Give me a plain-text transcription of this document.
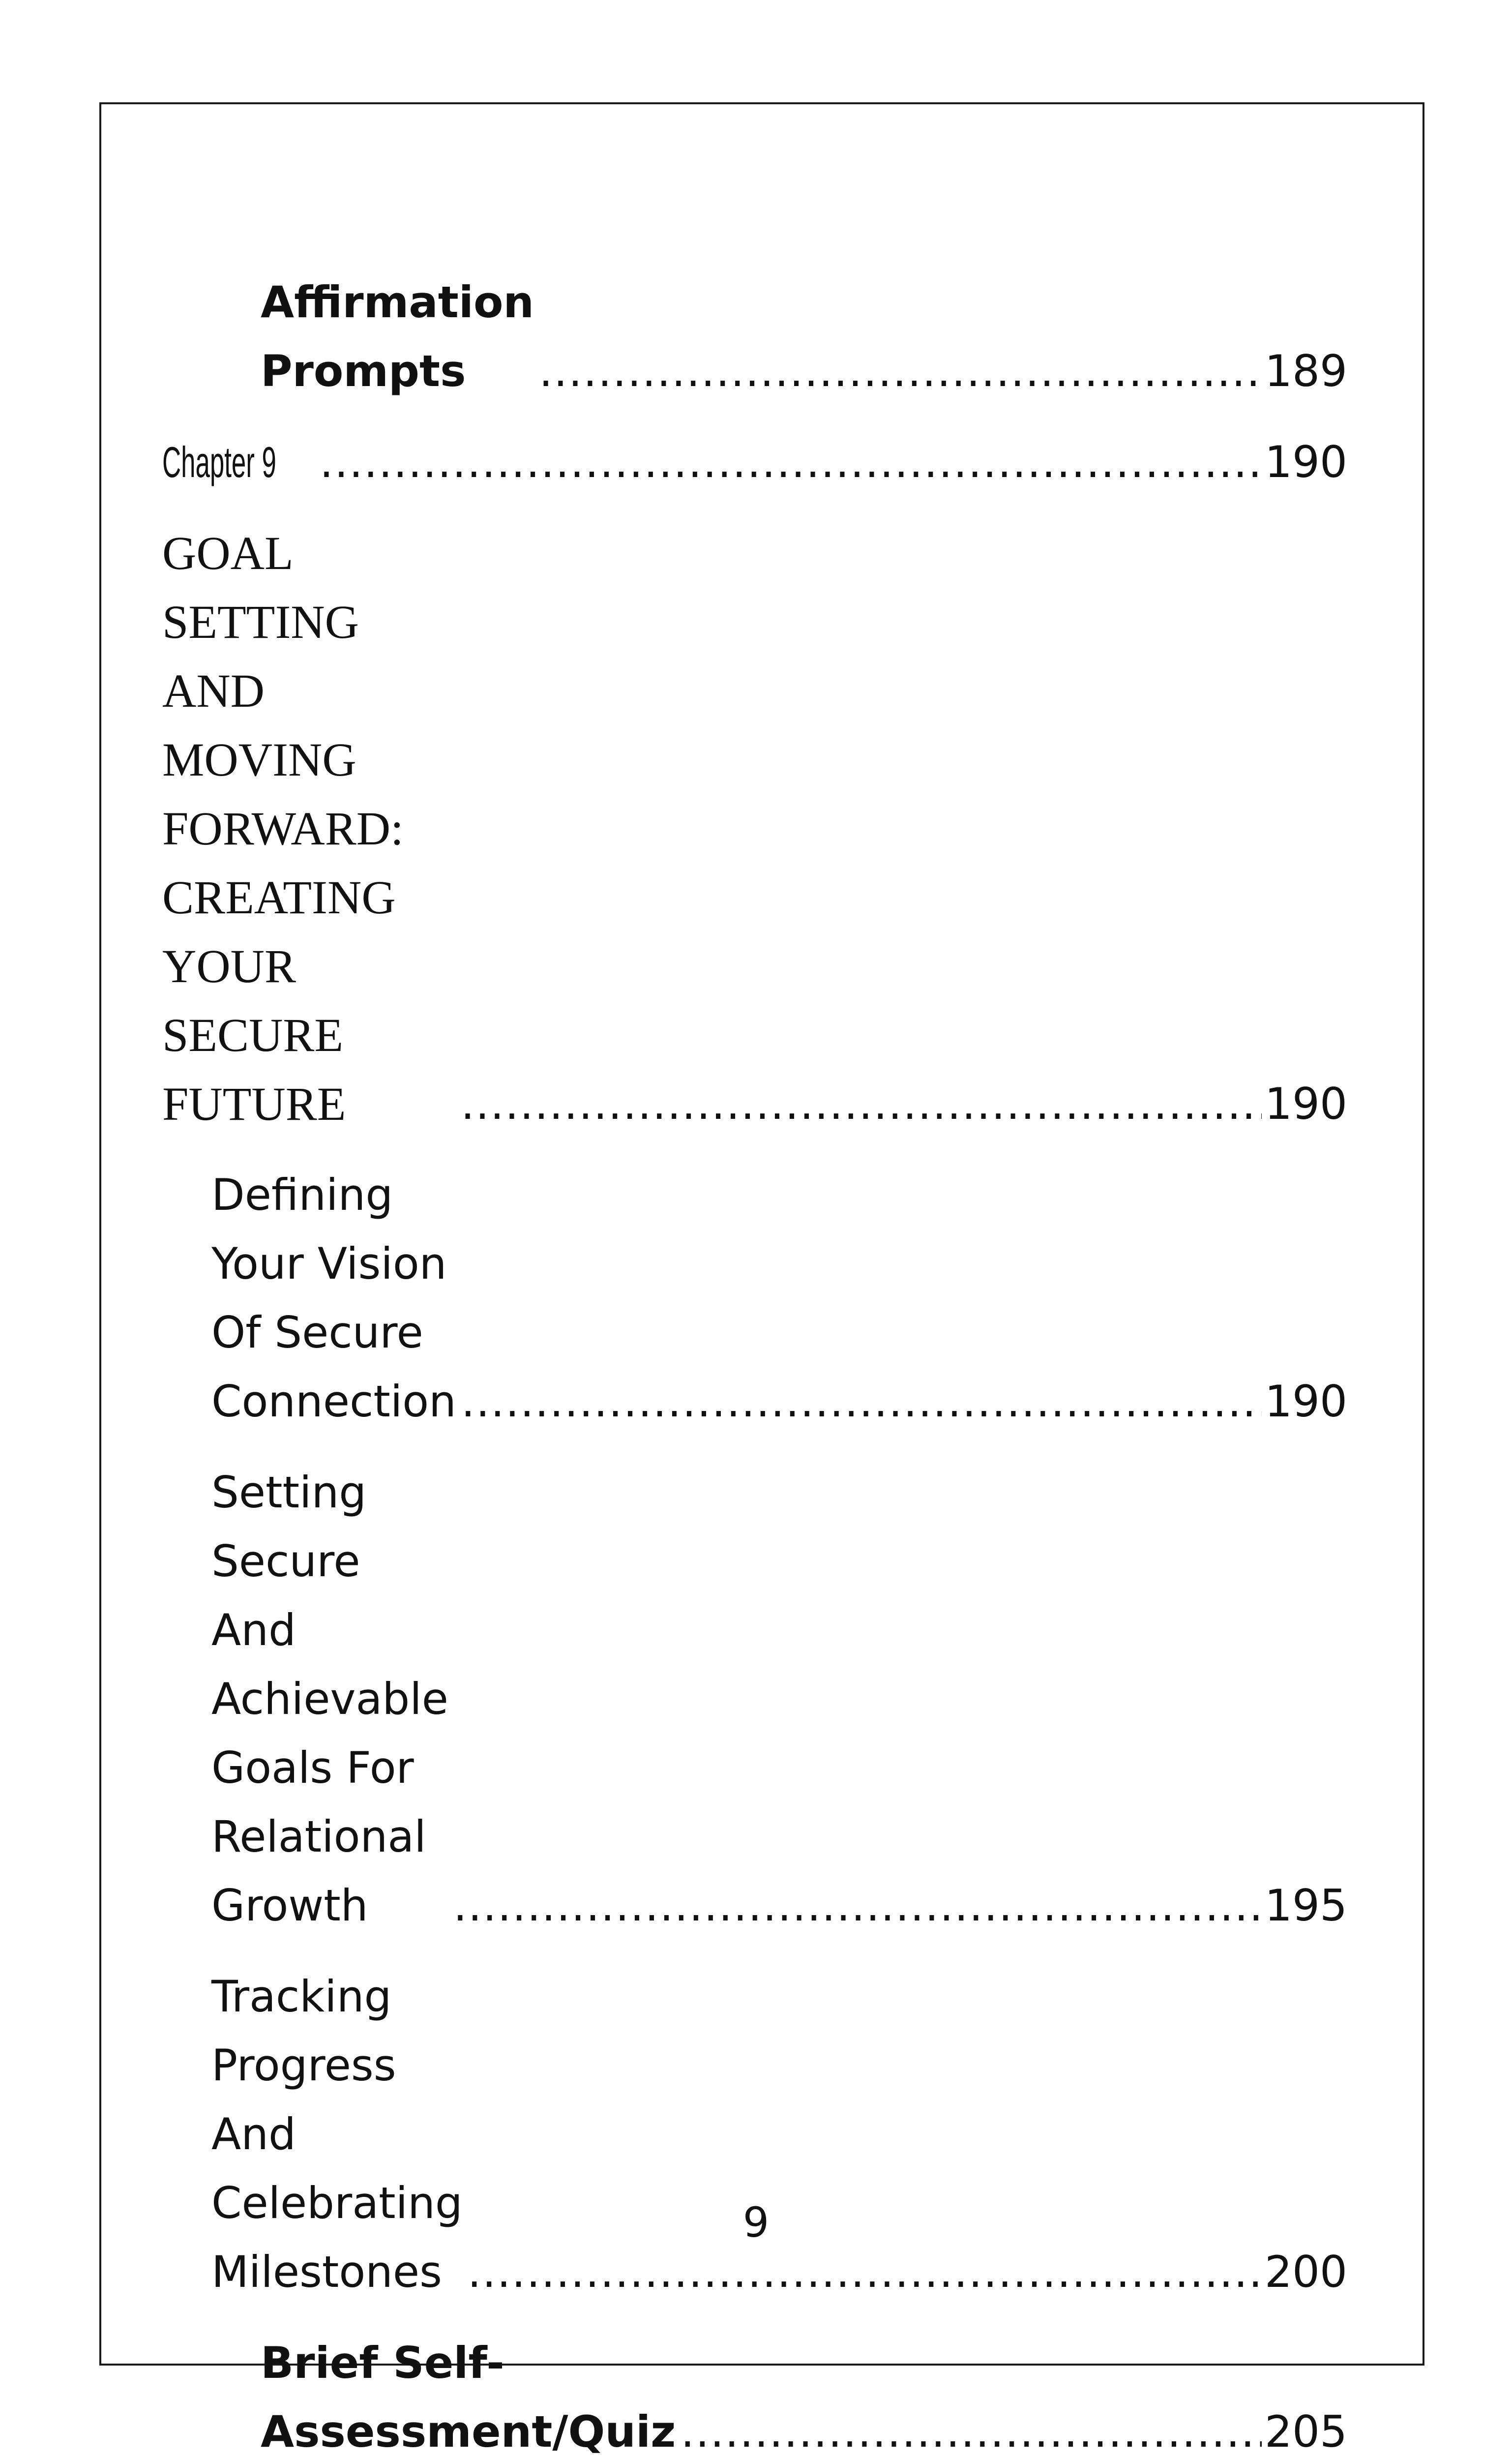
Affirmation Prompts .....	189
Chapter 9 .....	190
GOAL SETTING AND MOVING FORWARD: CREATING YOUR SECURE FUTURE .....	190
Defining Your Vision Of Secure Connection .....	190
Setting Secure And Achievable Goals For Relational Growth .....	195
Tracking Progress And Celebrating Milestones .....	200
Brief Self-Assessment/Quiz .....	205
9
